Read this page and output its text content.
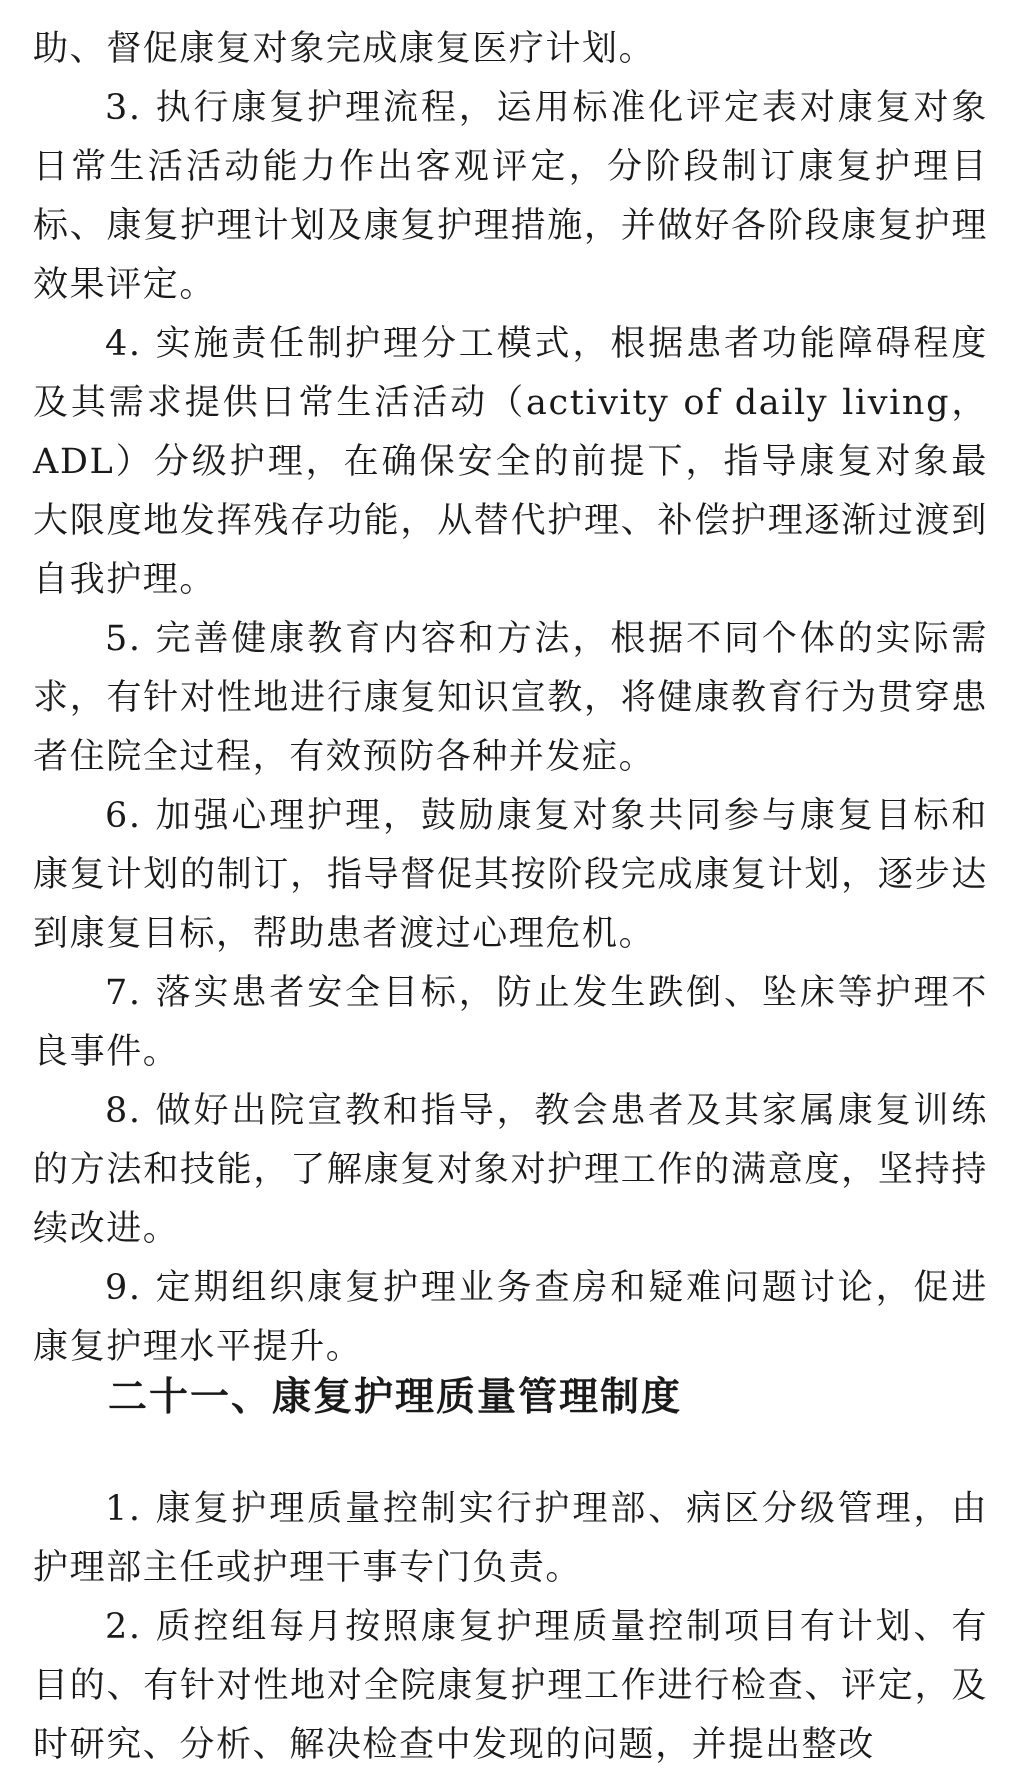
助、督促康复对象完成康复医疗计划。

3. 执行康复护理流程，运用标准化评定表对康复对象日常生活活动能力作出客观评定，分阶段制订康复护理目标、康复护理计划及康复护理措施，并做好各阶段康复护理效果评定。

4. 实施责任制护理分工模式，根据患者功能障碍程度及其需求提供日常生活活动（activity of daily living，ADL）分级护理，在确保安全的前提下，指导康复对象最大限度地发挥残存功能，从替代护理、补偿护理逐渐过渡到自我护理。

5. 完善健康教育内容和方法，根据不同个体的实际需求，有针对性地进行康复知识宣教，将健康教育行为贯穿患者住院全过程，有效预防各种并发症。

6. 加强心理护理，鼓励康复对象共同参与康复目标和康复计划的制订，指导督促其按阶段完成康复计划，逐步达到康复目标，帮助患者渡过心理危机。

7. 落实患者安全目标，防止发生跌倒、坠床等护理不良事件。

8. 做好出院宣教和指导，教会患者及其家属康复训练的方法和技能，了解康复对象对护理工作的满意度，坚持持续改进。

9. 定期组织康复护理业务查房和疑难问题讨论，促进康复护理水平提升。

二十一、康复护理质量管理制度

1. 康复护理质量控制实行护理部、病区分级管理，由护理部主任或护理干事专门负责。

2. 质控组每月按照康复护理质量控制项目有计划、有目的、有针对性地对全院康复护理工作进行检查、评定，及时研究、分析、解决检查中发现的问题，并提出整改
